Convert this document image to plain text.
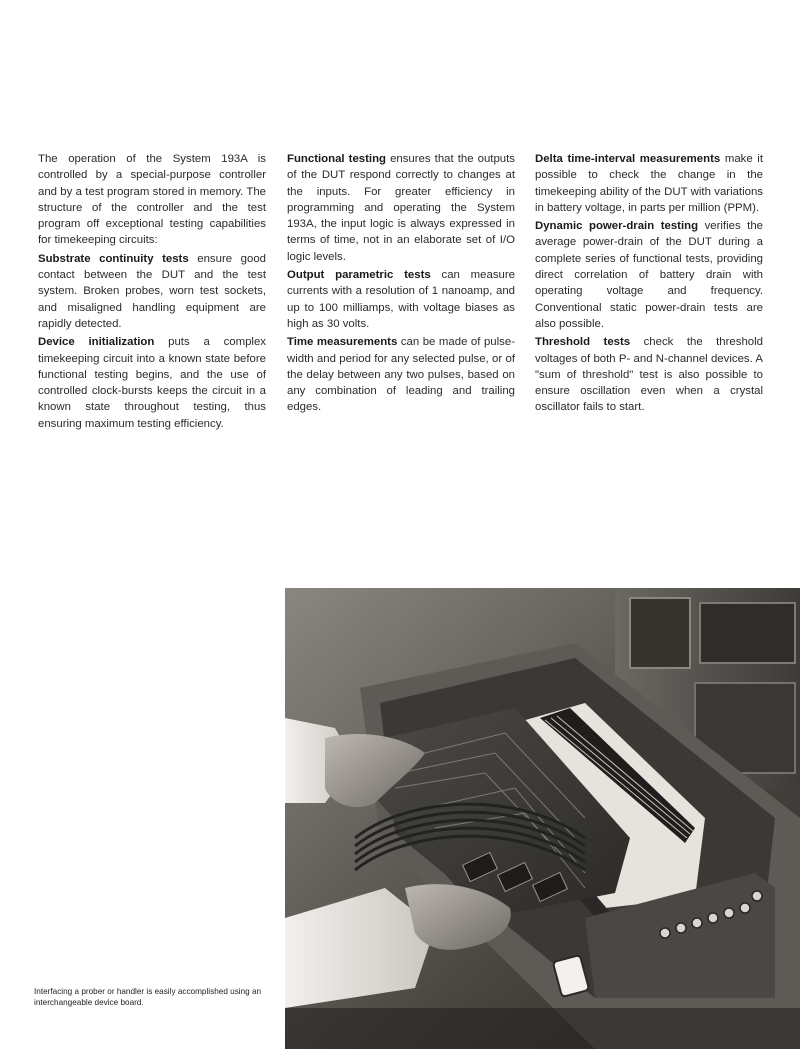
The operation of the System 193A is controlled by a special-purpose controller and by a test program stored in memory. The structure of the controller and the test program off exceptional testing capabilities for timekeeping circuits:

Substrate continuity tests ensure good contact between the DUT and the test system. Broken probes, worn test sockets, and misaligned handling equipment are rapidly detected.

Device initialization puts a complex timekeeping circuit into a known state before functional testing begins, and the use of controlled clock-bursts keeps the circuit in a known state throughout testing, thus ensuring maximum testing efficiency.

Functional testing ensures that the outputs of the DUT respond correctly to changes at the inputs. For greater efficiency in programming and operating the System 193A, the input logic is always expressed in terms of time, not in an elaborate set of I/O logic levels.

Output parametric tests can measure currents with a resolution of 1 nanoamp, and up to 100 milliamps, with voltage biases as high as 30 volts.

Time measurements can be made of pulse-width and period for any selected pulse, or of the delay between any two pulses, based on any combination of leading and trailing edges.

Delta time-interval measurements make it possible to check the change in the timekeeping ability of the DUT with variations in battery voltage, in parts per million (PPM).

Dynamic power-drain testing verifies the average power-drain of the DUT during a complete series of functional tests, providing direct correlation of battery drain with operating voltage and frequency. Conventional static power-drain tests are also possible.

Threshold tests check the threshold voltages of both P- and N-channel devices. A "sum of threshold" test is also possible to ensure oscillation even when a crystal oscillator fails to start.

Interfacing a prober or handler is easily accomplished using an interchangeable device board.
